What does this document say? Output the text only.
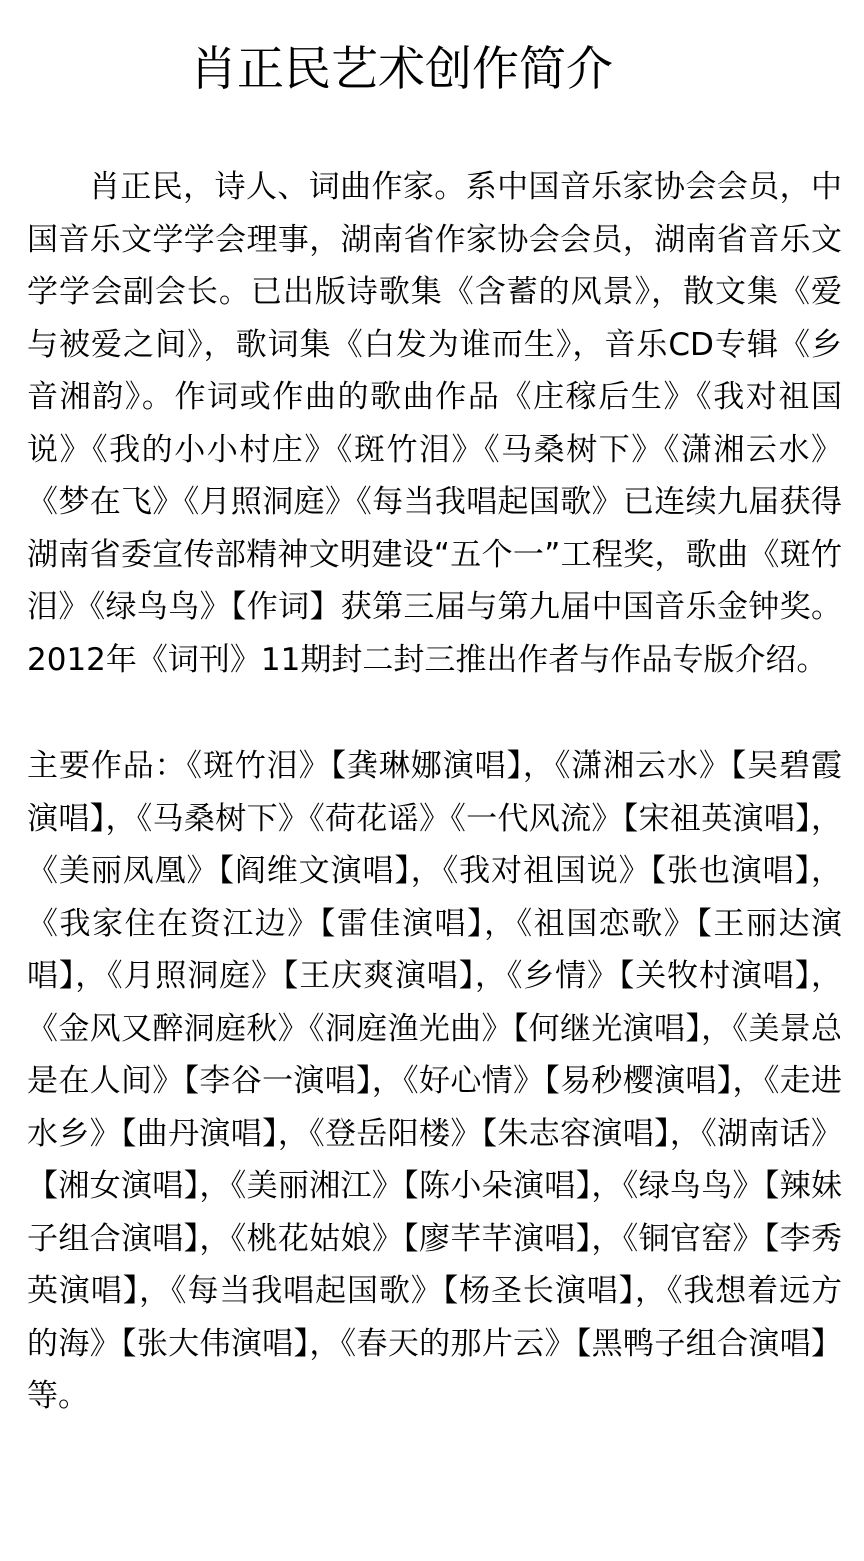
肖正民艺术创作简介

肖正民，诗人、词曲作家。系中国音乐家协会会员，中国音乐文学学会理事，湖南省作家协会会员，湖南省音乐文学学会副会长。已出版诗歌集《含蓄的风景》，散文集《爱与被爱之间》，歌词集《白发为谁而生》，音乐CD专辑《乡音湘韵》。作词或作曲的歌曲作品《庄稼后生》《我对祖国说》《我的小小村庄》《斑竹泪》《马桑树下》《潇湘云水》《梦在飞》《月照洞庭》《每当我唱起国歌》已连续九届获得湖南省委宣传部精神文明建设“五个一”工程奖，歌曲《斑竹泪》《绿鸟鸟》【作词】获第三届与第九届中国音乐金钟奖。2012年《词刊》11期封二封三推出作者与作品专版介绍。

主要作品：《斑竹泪》【龚琳娜演唱】，《潇湘云水》【吴碧霞演唱】，《马桑树下》《荷花谣》《一代风流》【宋祖英演唱】，《美丽凤凰》【阎维文演唱】，《我对祖国说》【张也演唱】，《我家住在资江边》【雷佳演唱】，《祖国恋歌》【王丽达演唱】，《月照洞庭》【王庆爽演唱】，《乡情》【关牧村演唱】，《金风又醉洞庭秋》《洞庭渔光曲》【何继光演唱】，《美景总是在人间》【李谷一演唱】，《好心情》【易秒樱演唱】，《走进水乡》【曲丹演唱】，《登岳阳楼》【朱志容演唱】，《湖南话》【湘女演唱】，《美丽湘江》【陈小朵演唱】，《绿鸟鸟》【辣妹子组合演唱】，《桃花姑娘》【廖芊芊演唱】，《铜官窑》【李秀英演唱】，《每当我唱起国歌》【杨圣长演唱】，《我想着远方的海》【张大伟演唱】，《春天的那片云》【黑鸭子组合演唱】等。
